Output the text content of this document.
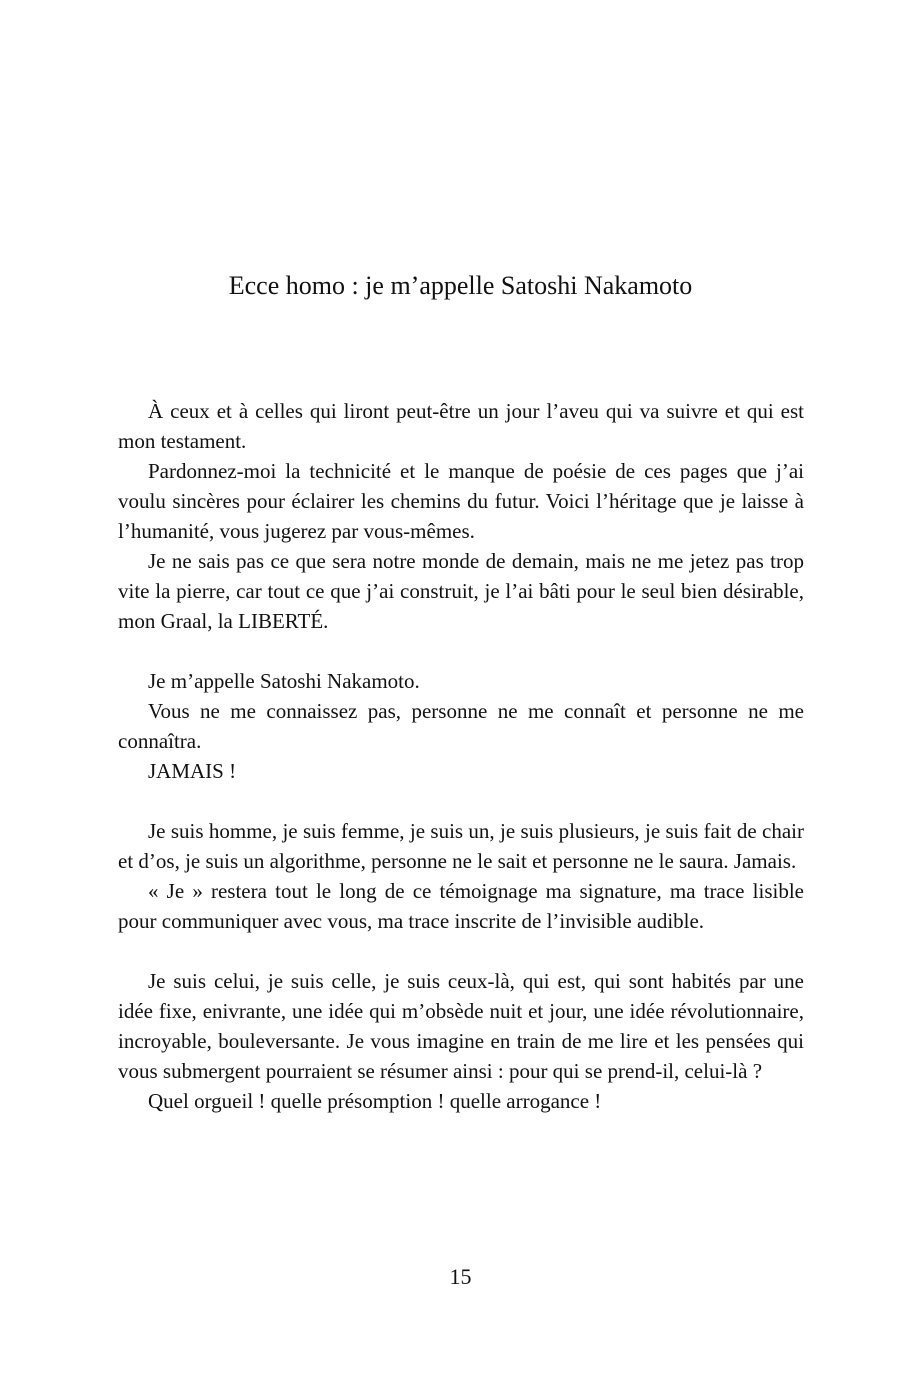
Ecce homo : je m’appelle Satoshi Nakamoto

À ceux et à celles qui liront peut-être un jour l’aveu qui va suivre et qui est mon testament.

Pardonnez-moi la technicité et le manque de poésie de ces pages que j’ai voulu sincères pour éclairer les chemins du futur. Voici l’héritage que je laisse à l’humanité, vous jugerez par vous-mêmes.

Je ne sais pas ce que sera notre monde de demain, mais ne me jetez pas trop vite la pierre, car tout ce que j’ai construit, je l’ai bâti pour le seul bien désirable, mon Graal, la LIBERTÉ.

Je m’appelle Satoshi Nakamoto.

Vous ne me connaissez pas, personne ne me connaît et personne ne me connaîtra.

JAMAIS !

Je suis homme, je suis femme, je suis un, je suis plusieurs, je suis fait de chair et d’os, je suis un algorithme, personne ne le sait et personne ne le saura. Jamais.

« Je » restera tout le long de ce témoignage ma signature, ma trace lisible pour communiquer avec vous, ma trace inscrite de l’invisible audible.

Je suis celui, je suis celle, je suis ceux-là, qui est, qui sont habités par une idée fixe, enivrante, une idée qui m’obsède nuit et jour, une idée révolutionnaire, incroyable, bouleversante. Je vous imagine en train de me lire et les pensées qui vous submergent pourraient se résumer ainsi : pour qui se prend-il, celui-là ?

Quel orgueil ! quelle présomption ! quelle arrogance !

15
